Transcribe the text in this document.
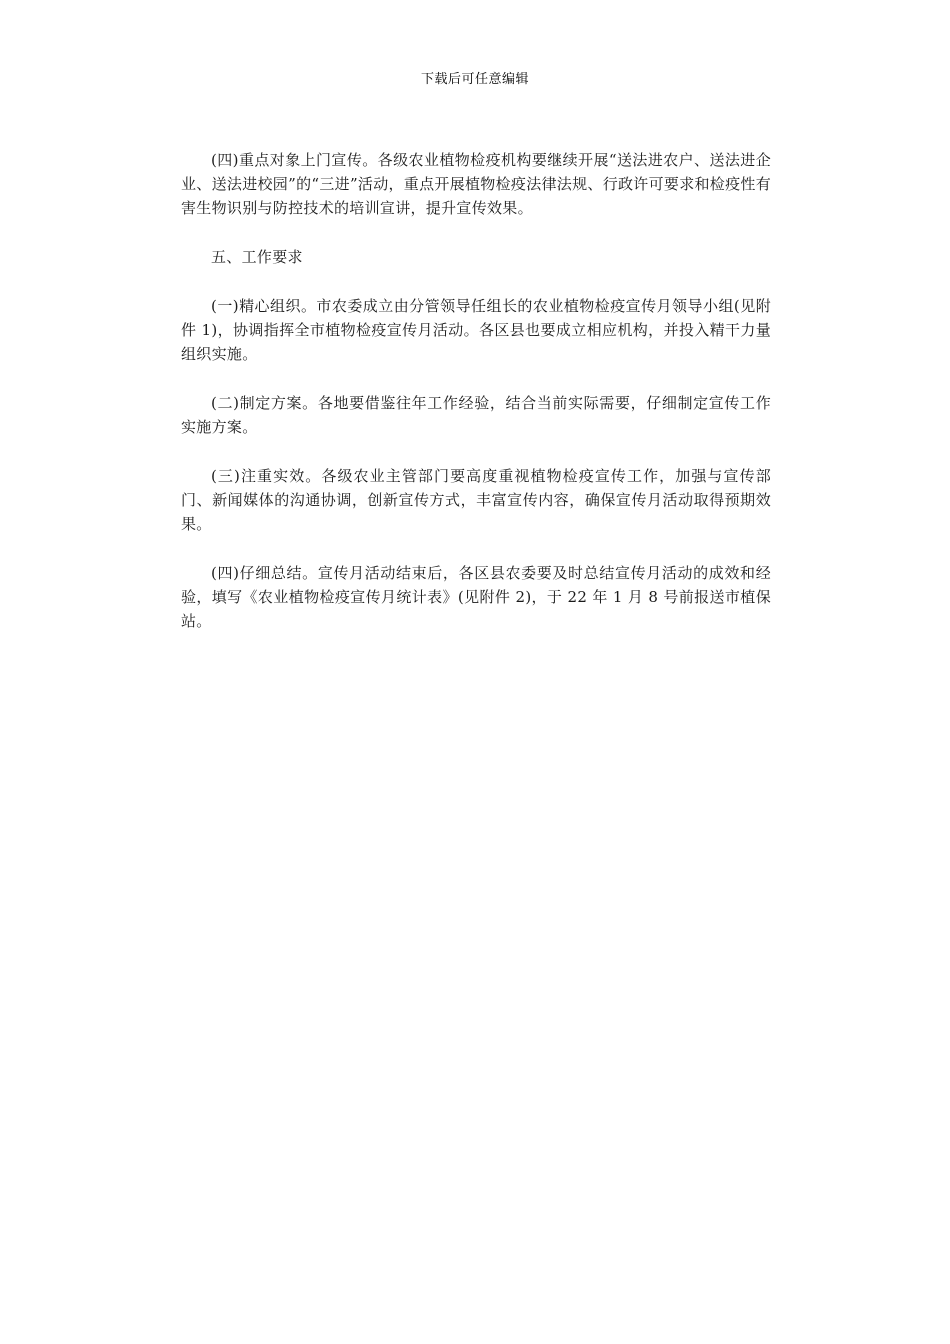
下载后可任意编辑

(四)重点对象上门宣传。各级农业植物检疫机构要继续开展“送法进农户、送法进企业、送法进校园”的“三进”活动，重点开展植物检疫法律法规、行政许可要求和检疫性有害生物识别与防控技术的培训宣讲，提升宣传效果。

五、工作要求

(一)精心组织。市农委成立由分管领导任组长的农业植物检疫宣传月领导小组(见附件 1)，协调指挥全市植物检疫宣传月活动。各区县也要成立相应机构，并投入精干力量组织实施。

(二)制定方案。各地要借鉴往年工作经验，结合当前实际需要，仔细制定宣传工作实施方案。

(三)注重实效。各级农业主管部门要高度重视植物检疫宣传工作，加强与宣传部门、新闻媒体的沟通协调，创新宣传方式，丰富宣传内容，确保宣传月活动取得预期效果。

(四)仔细总结。宣传月活动结束后，各区县农委要及时总结宣传月活动的成效和经验，填写《农业植物检疫宣传月统计表》(见附件 2)，于 22 年 1 月 8 号前报送市植保站。
